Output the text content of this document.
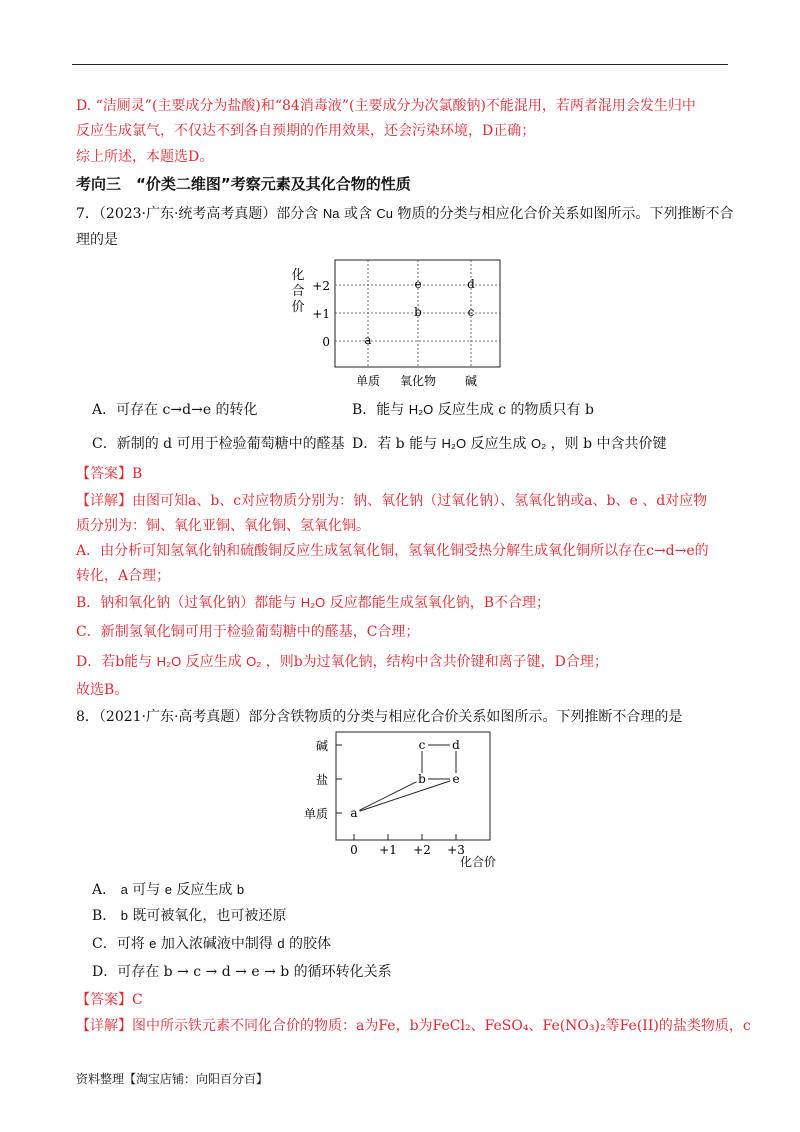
D. “洁厕灵”(主要成分为盐酸)和“84消毒液”(主要成分为次氯酸钠)不能混用，若两者混用会发生归中
反应生成氯气，不仅达不到各自预期的作用效果，还会污染环境，D正确；
综上所述，本题选D。
考向三　“价类二维图”考察元素及其化合物的性质
7．（2023·广东·统考高考真题）部分含 Na 或含 Cu 物质的分类与相应化合价关系如图所示。下列推断不合
理的是
化
合
价
+2
+1
0
单质 氧化物 碱
a
b	c
e	d
A．可存在 c→d→e 的转化	B．能与 H₂O 反应生成 c 的物质只有 b
C．新制的 d 可用于检验葡萄糖中的醛基 D．若 b 能与 H₂O 反应生成 O₂ ，则 b 中含共价键
【答案】B
【详解】由图可知a、b、c对应物质分别为：钠、氧化钠（过氧化钠）、氢氧化钠或a、b、e 、d对应物
质分别为：铜、氧化亚铜、氧化铜、氢氧化铜。
A．由分析可知氢氧化钠和硫酸铜反应生成氢氧化铜，氢氧化铜受热分解生成氧化铜所以存在c→d→e的
转化，A合理；
B．钠和氧化钠（过氧化钠）都能与 H₂O 反应都能生成氢氧化钠，B不合理；
C．新制氢氧化铜可用于检验葡萄糖中的醛基，C合理；
D．若b能与 H₂O 反应生成 O₂ ，则b为过氧化钠，结构中含共价键和离子键，D合理；
故选B。
8．（2021·广东·高考真题）部分含铁物质的分类与相应化合价关系如图所示。下列推断不合理的是
碱
盐
单质
0 +1 +2 +3
化合价
a
b e
c d
A． a 可与 e 反应生成 b
B． b 既可被氧化，也可被还原
C．可将 e 加入浓碱液中制得 d 的胶体
D．可存在 b → c → d → e → b 的循环转化关系
【答案】C
【详解】图中所示铁元素不同化合价的物质：a为Fe，b为FeCl₂、FeSO₄、Fe(NO₃)₂等Fe(II)的盐类物质，c
资料整理【淘宝店铺：向阳百分百】
